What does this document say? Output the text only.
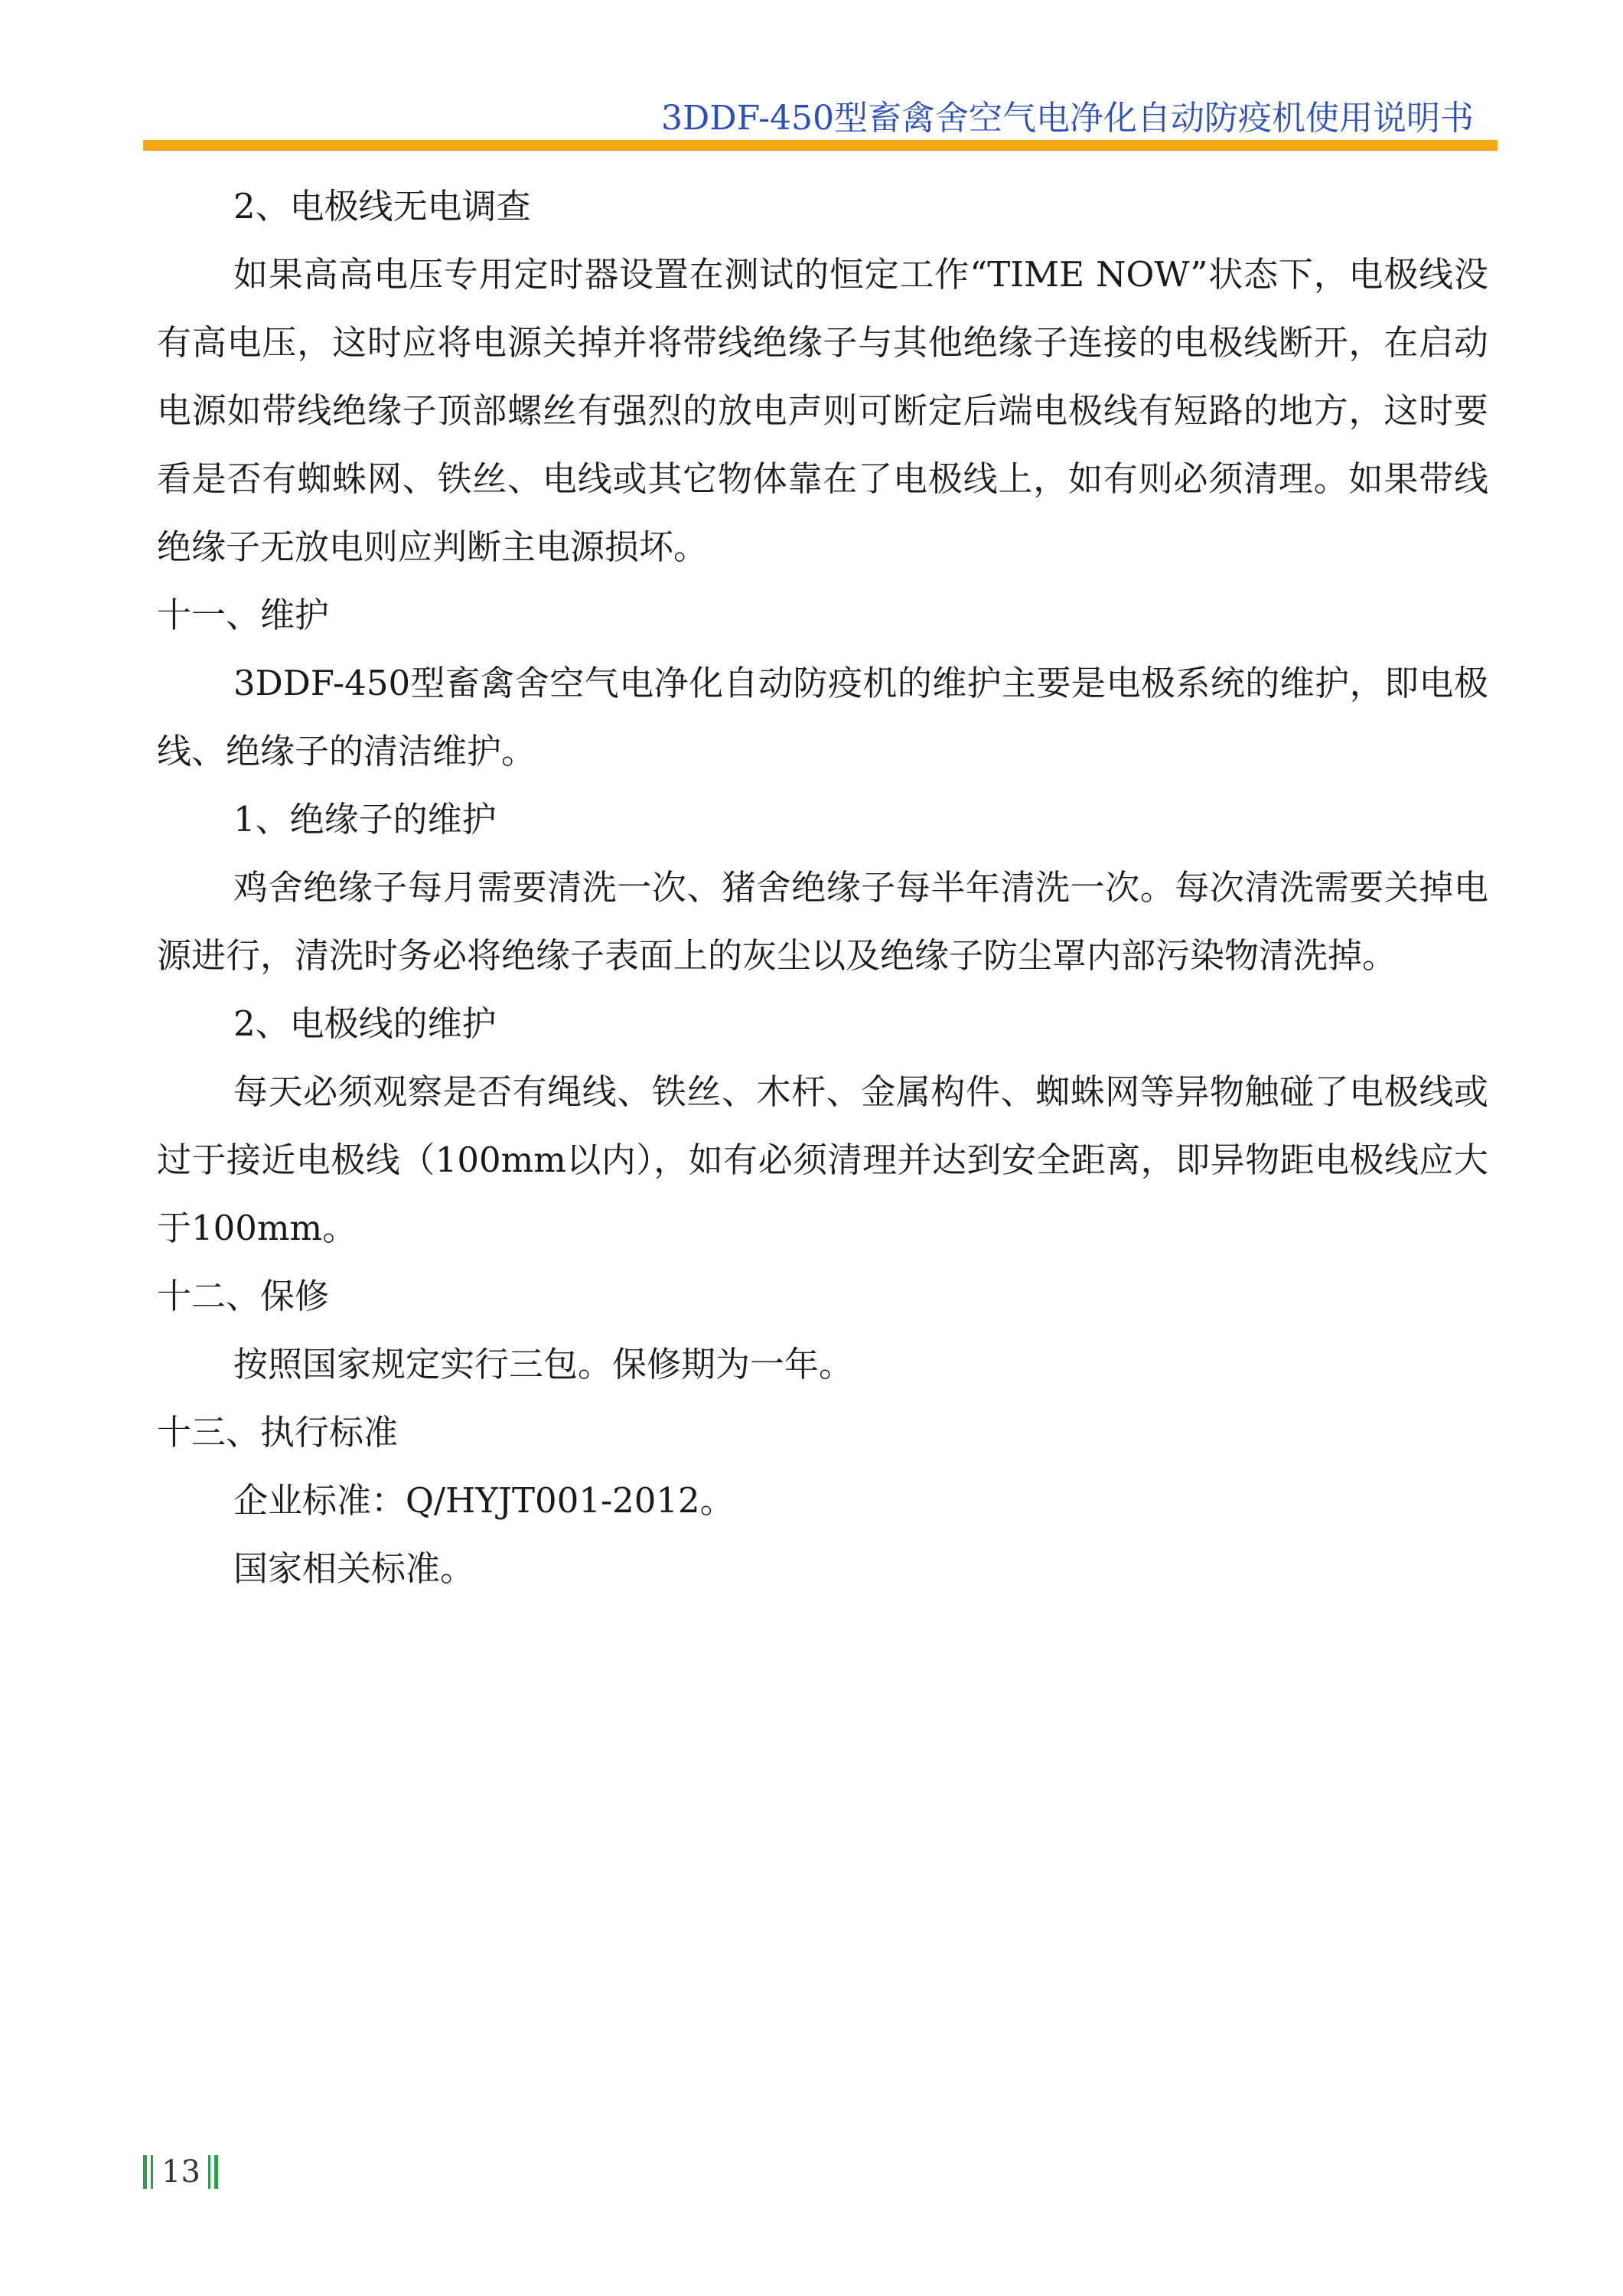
3DDF-450型畜禽舍空气电净化自动防疫机使用说明书
2、电极线无电调查
如果高高电压专用定时器设置在测试的恒定工作“TIME NOW”状态下，电极线没有高电压，这时应将电源关掉并将带线绝缘子与其他绝缘子连接的电极线断开，在启动电源如带线绝缘子顶部螺丝有强烈的放电声则可断定后端电极线有短路的地方，这时要看是否有蜘蛛网、铁丝、电线或其它物体靠在了电极线上，如有则必须清理。如果带线绝缘子无放电则应判断主电源损坏。
十一、维护
3DDF-450型畜禽舍空气电净化自动防疫机的维护主要是电极系统的维护，即电极线、绝缘子的清洁维护。
1、绝缘子的维护
鸡舍绝缘子每月需要清洗一次、猪舍绝缘子每半年清洗一次。每次清洗需要关掉电源进行，清洗时务必将绝缘子表面上的灰尘以及绝缘子防尘罩内部污染物清洗掉。
2、电极线的维护
每天必须观察是否有绳线、铁丝、木杆、金属构件、蜘蛛网等异物触碰了电极线或过于接近电极线（100mm以内），如有必须清理并达到安全距离，即异物距电极线应大于100mm。
十二、保修
按照国家规定实行三包。保修期为一年。
十三、执行标准
企业标准：Q/HYJT001-2012。
国家相关标准。
13
